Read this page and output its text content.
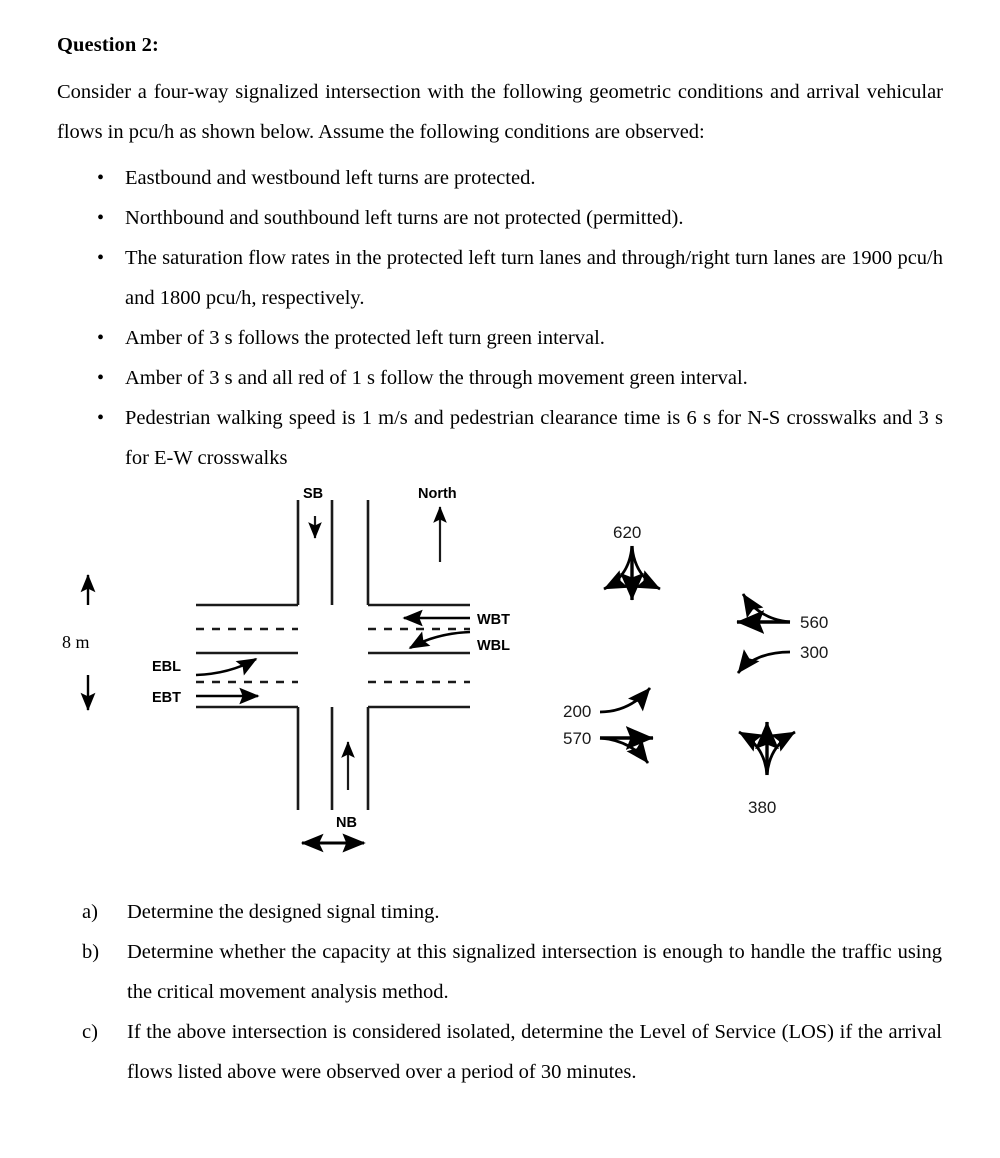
Question 2:

Consider a four-way signalized intersection with the following geometric conditions and arrival vehicular flows in pcu/h as shown below. Assume the following conditions are observed:

• Eastbound and westbound left turns are protected.
• Northbound and southbound left turns are not protected (permitted).
• The saturation flow rates in the protected left turn lanes and through/right turn lanes are 1900 pcu/h and 1800 pcu/h, respectively.
• Amber of 3 s follows the protected left turn green interval.
• Amber of 3 s and all red of 1 s follow the through movement green interval.
• Pedestrian walking speed is 1 m/s and pedestrian clearance time is 6 s for N-S crosswalks and 3 s for E-W crosswalks
SB	North
NB
WBT
WBL
EBL
EBT
8 m
620
560
300
200
570
380
a)	Determine the designed signal timing.
b)	Determine whether the capacity at this signalized intersection is enough to handle the traffic using the critical movement analysis method.
c)	If the above intersection is considered isolated, determine the Level of Service (LOS) if the arrival flows listed above were observed over a period of 30 minutes.
